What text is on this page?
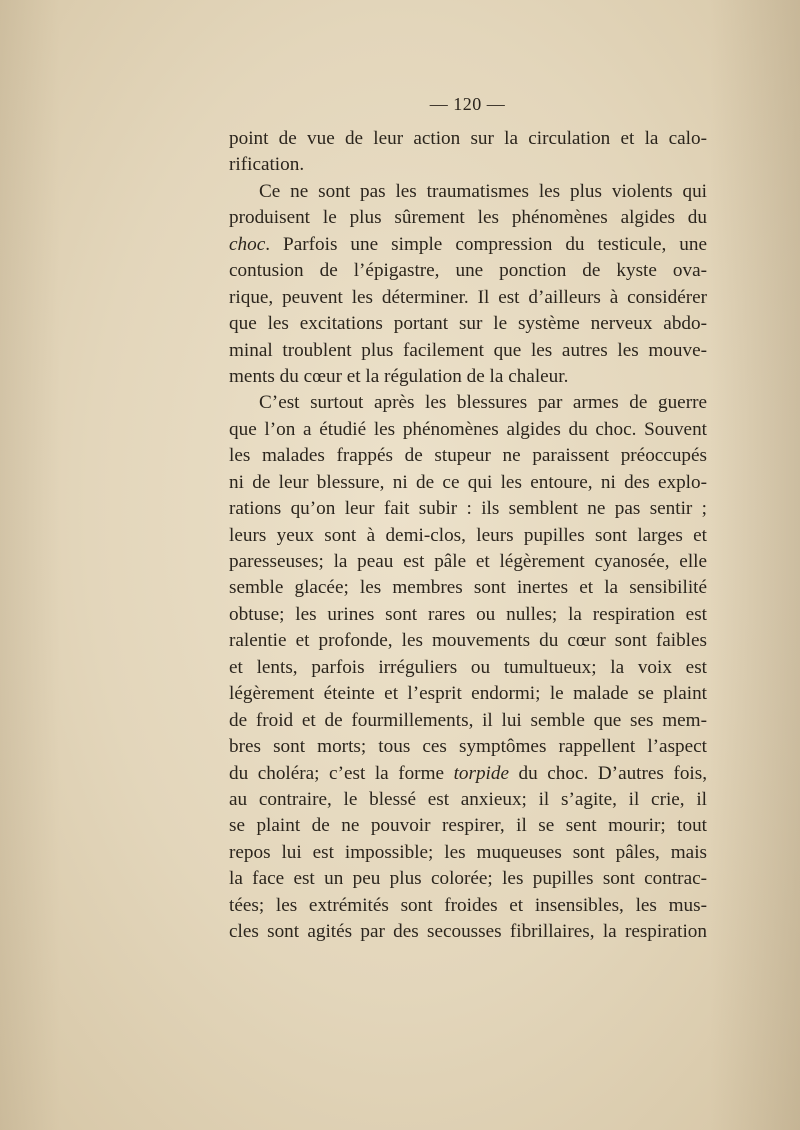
— 120 —
point de vue de leur action sur la circulation et la calo-
rification.
Ce ne sont pas les traumatismes les plus violents qui
produisent le plus sûrement les phénomènes algides du
choc. Parfois une simple compression du testicule, une
contusion de l’épigastre, une ponction de kyste ova-
rique, peuvent les déterminer. Il est d’ailleurs à considérer
que les excitations portant sur le système nerveux abdo-
minal troublent plus facilement que les autres les mouve-
ments du cœur et la régulation de la chaleur.
C’est surtout après les blessures par armes de guerre
que l’on a étudié les phénomènes algides du choc. Souvent
les malades frappés de stupeur ne paraissent préoccupés
ni de leur blessure, ni de ce qui les entoure, ni des explo-
rations qu’on leur fait subir : ils semblent ne pas sentir ;
leurs yeux sont à demi-clos, leurs pupilles sont larges et
paresseuses; la peau est pâle et légèrement cyanosée, elle
semble glacée; les membres sont inertes et la sensibilité
obtuse; les urines sont rares ou nulles; la respiration est
ralentie et profonde, les mouvements du cœur sont faibles
et lents, parfois irréguliers ou tumultueux; la voix est
légèrement éteinte et l’esprit endormi; le malade se plaint
de froid et de fourmillements, il lui semble que ses mem-
bres sont morts; tous ces symptômes rappellent l’aspect
du choléra; c’est la forme torpide du choc. D’autres fois,
au contraire, le blessé est anxieux; il s’agite, il crie, il
se plaint de ne pouvoir respirer, il se sent mourir; tout
repos lui est impossible; les muqueuses sont pâles, mais
la face est un peu plus colorée; les pupilles sont contrac-
tées; les extrémités sont froides et insensibles, les mus-
cles sont agités par des secousses fibrillaires, la respiration
